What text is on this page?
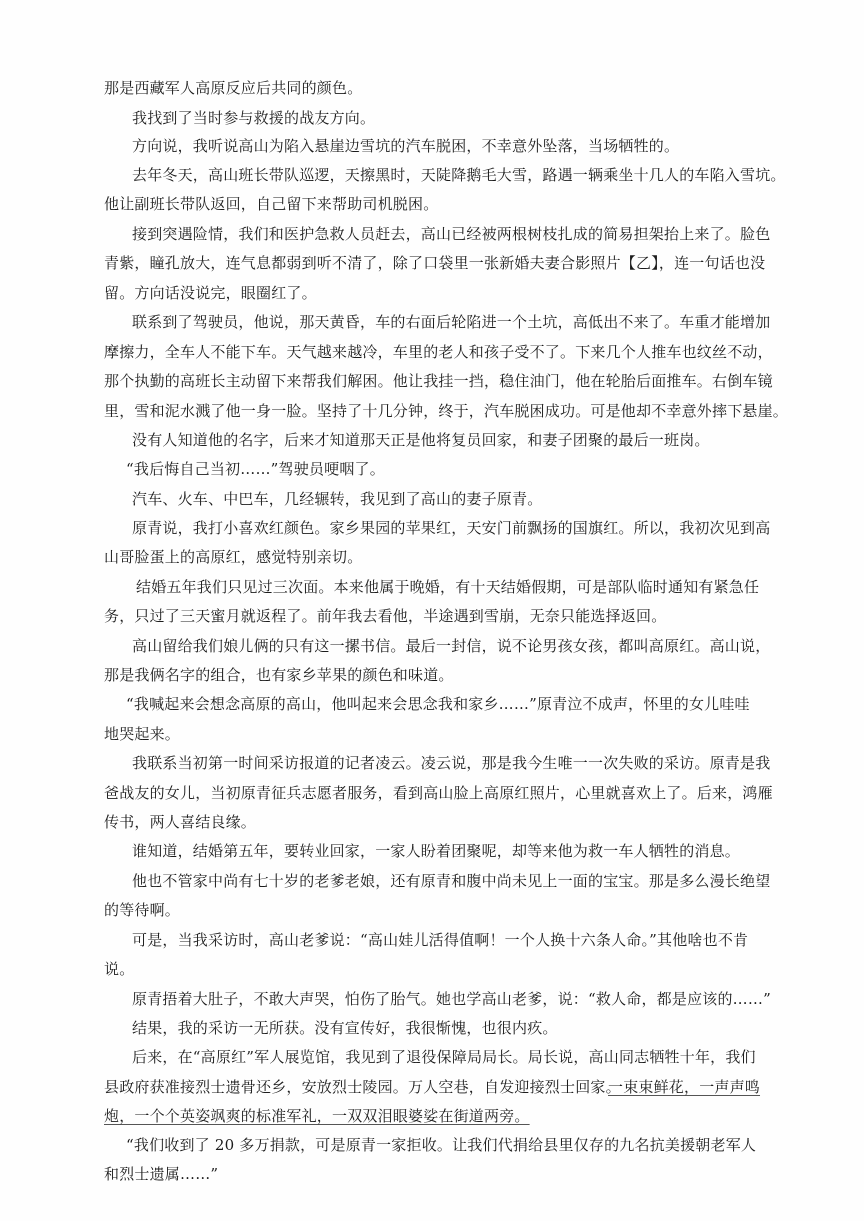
那是西藏军人高原反应后共同的颜色。

我找到了当时参与救援的战友方向。

方向说，我听说高山为陷入悬崖边雪坑的汽车脱困，不幸意外坠落，当场牺牲的。

去年冬天，高山班长带队巡逻，天擦黑时，天陡降鹅毛大雪，路遇一辆乘坐十几人的车陷入雪坑。
他让副班长带队返回，自己留下来帮助司机脱困。

接到突遇险情，我们和医护急救人员赶去，高山已经被两根树枝扎成的简易担架抬上来了。脸色
青紫，瞳孔放大，连气息都弱到听不清了，除了口袋里一张新婚夫妻合影照片【乙】，连一句话也没
留。方向话没说完，眼圈红了。

联系到了驾驶员，他说，那天黄昏，车的右面后轮陷进一个土坑，高低出不来了。车重才能增加
摩擦力，全车人不能下车。天气越来越冷，车里的老人和孩子受不了。下来几个人推车也纹丝不动，
那个执勤的高班长主动留下来帮我们解困。他让我挂一挡，稳住油门，他在轮胎后面推车。右倒车镜
里，雪和泥水溅了他一身一脸。坚持了十几分钟，终于，汽车脱困成功。可是他却不幸意外摔下悬崖。

没有人知道他的名字，后来才知道那天正是他将复员回家，和妻子团聚的最后一班岗。

“我后悔自己当初……”驾驶员哽咽了。

汽车、火车、中巴车，几经辗转，我见到了高山的妻子原青。

原青说，我打小喜欢红颜色。家乡果园的苹果红，天安门前飘扬的国旗红。所以，我初次见到高
山哥脸蛋上的高原红，感觉特别亲切。

结婚五年我们只见过三次面。本来他属于晚婚，有十天结婚假期，可是部队临时通知有紧急任
务，只过了三天蜜月就返程了。前年我去看他，半途遇到雪崩，无奈只能选择返回。

高山留给我们娘儿俩的只有这一摞书信。最后一封信，说不论男孩女孩，都叫高原红。高山说，
那是我俩名字的组合，也有家乡苹果的颜色和味道。

“我喊起来会想念高原的高山，他叫起来会思念我和家乡……”原青泣不成声，怀里的女儿哇哇
地哭起来。

我联系当初第一时间采访报道的记者凌云。凌云说，那是我今生唯一一次失败的采访。原青是我
爸战友的女儿，当初原青征兵志愿者服务，看到高山脸上高原红照片，心里就喜欢上了。后来，鸿雁
传书，两人喜结良缘。

谁知道，结婚第五年，要转业回家，一家人盼着团聚呢，却等来他为救一车人牺牲的消息。

他也不管家中尚有七十岁的老爹老娘，还有原青和腹中尚未见上一面的宝宝。那是多么漫长绝望
的等待啊。

可是，当我采访时，高山老爹说：“高山娃儿活得值啊！一个人换十六条人命。”其他啥也不肯
说。

原青捂着大肚子，不敢大声哭，怕伤了胎气。她也学高山老爹，说：“救人命，都是应该的……”

结果，我的采访一无所获。没有宣传好，我很惭愧，也很内疚。

后来，在“高原红”军人展览馆，我见到了退役保障局局长。局长说，高山同志牺牲十年，我们
县政府获准接烈士遗骨还乡，安放烈士陵园。万人空巷，自发迎接烈士回家。
一束束鲜花，一声声鸣
炮，一个个英姿飒爽的标准军礼，一双双泪眼婆娑在街道两旁。

“我们收到了 20 多万捐款，可是原青一家拒收。让我们代捐给县里仅存的九名抗美援朝老军人
和烈士遗属……”
